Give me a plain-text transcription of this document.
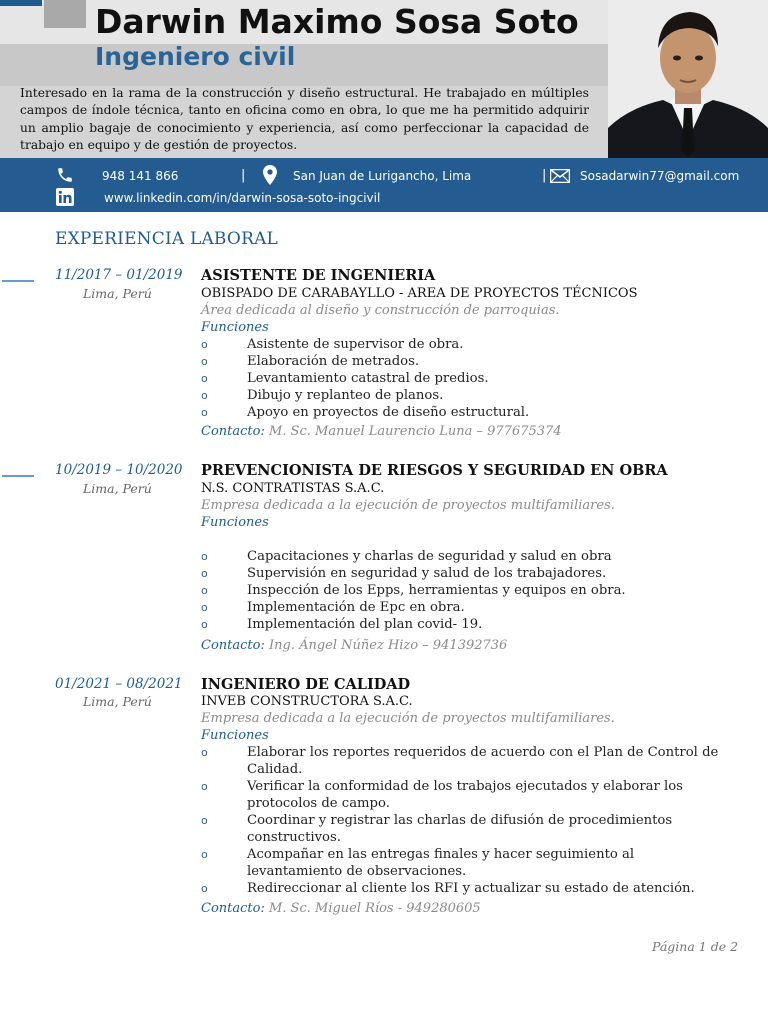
Darwin Maximo Sosa Soto
Ingeniero civil
Interesado en la rama de la construcción y diseño estructural. He trabajado en múltiples campos de índole técnica, tanto en oficina como en obra, lo que me ha permitido adquirir un amplio bagaje de conocimiento y experiencia, así como perfeccionar la capacidad de trabajo en equipo y de gestión de proyectos.
948 141 866	|	San Juan de Lurigancho, Lima	|	Sosadarwin77@gmail.com
www.linkedin.com/in/darwin-sosa-soto-ingcivil
EXPERIENCIA LABORAL
11/2017 – 01/2019
Lima, Perú
ASISTENTE DE INGENIERIA
OBISPADO DE CARABAYLLO - AREA DE PROYECTOS TÉCNICOS
Área dedicada al diseño y construcción de parroquias.
Funciones
o	Asistente de supervisor de obra.
o	Elaboración de metrados.
o	Levantamiento catastral de predios.
o	Dibujo y replanteo de planos.
o	Apoyo en proyectos de diseño estructural.
Contacto: M. Sc. Manuel Laurencio Luna – 977675374
10/2019 – 10/2020
Lima, Perú
PREVENCIONISTA DE RIESGOS Y SEGURIDAD EN OBRA
N.S. CONTRATISTAS S.A.C.
Empresa dedicada a la ejecución de proyectos multifamiliares.
Funciones
o	Capacitaciones y charlas de seguridad y salud en obra
o	Supervisión en seguridad y salud de los trabajadores.
o	Inspección de los Epps, herramientas y equipos en obra.
o	Implementación de Epc en obra.
o	Implementación del plan covid- 19.
Contacto: Ing. Ángel Núñez Hizo – 941392736
01/2021 – 08/2021
Lima, Perú
INGENIERO DE CALIDAD
INVEB CONSTRUCTORA S.A.C.
Empresa dedicada a la ejecución de proyectos multifamiliares.
Funciones
o	Elaborar los reportes requeridos de acuerdo con el Plan de Control de Calidad.
o	Verificar la conformidad de los trabajos ejecutados y elaborar los protocolos de campo.
o	Coordinar y registrar las charlas de difusión de procedimientos constructivos.
o	Acompañar en las entregas finales y hacer seguimiento al levantamiento de observaciones.
o	Redireccionar al cliente los RFI y actualizar su estado de atención.
Contacto: M. Sc. Miguel Ríos - 949280605
Página 1 de 2
